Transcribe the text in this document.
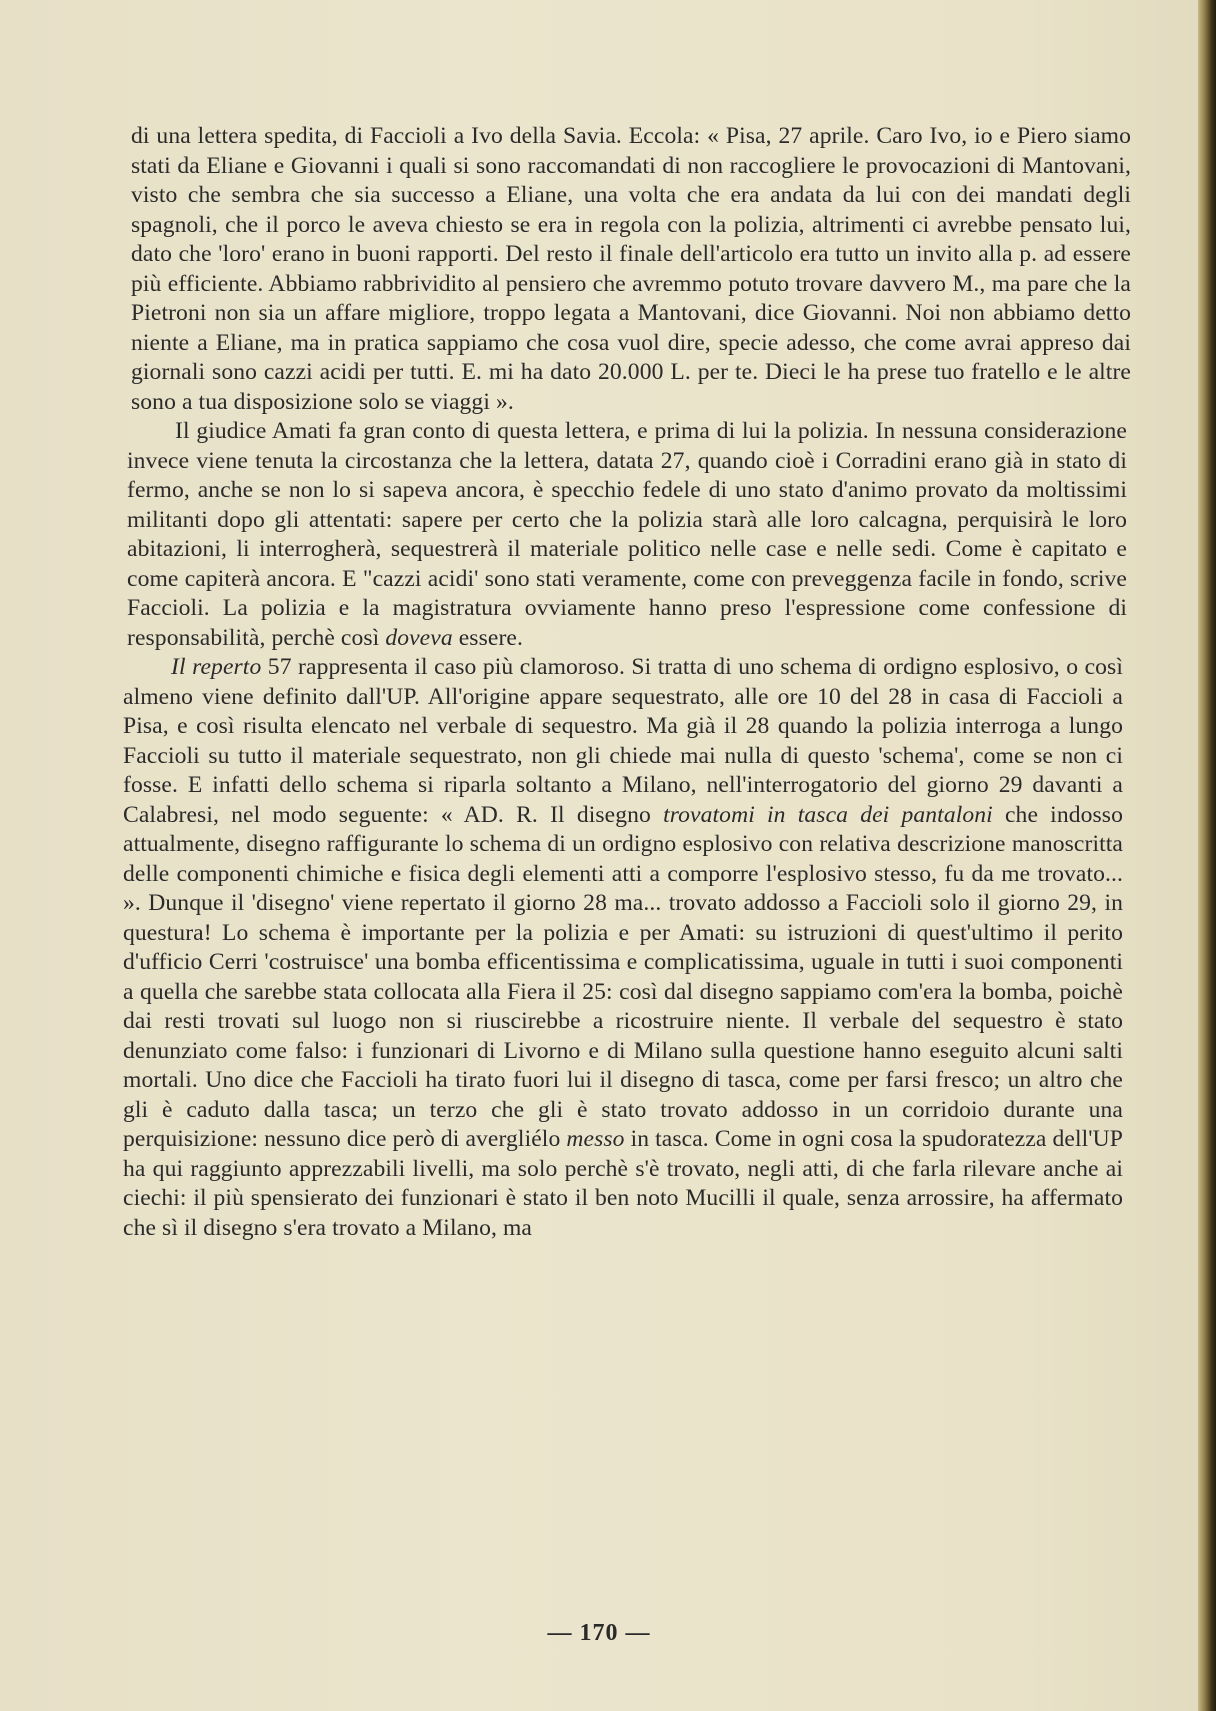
di una lettera spedita, di Faccioli a Ivo della Savia. Eccola: « Pisa, 27 aprile. Caro Ivo, io e Piero siamo stati da Eliane e Giovanni i quali si sono raccomandati di non raccogliere le provocazioni di Mantovani, visto che sembra che sia successo a Eliane, una volta che era andata da lui con dei mandati degli spagnoli, che il porco le aveva chiesto se era in regola con la polizia, altrimenti ci avrebbe pensato lui, dato che 'loro' erano in buoni rapporti. Del resto il finale dell'articolo era tutto un invito alla p. ad essere più efficiente. Abbiamo rabbrividito al pensiero che avremmo potuto trovare davvero M., ma pare che la Pietroni non sia un affare migliore, troppo legata a Mantovani, dice Giovanni. Noi non abbiamo detto niente a Eliane, ma in pratica sappiamo che cosa vuol dire, specie adesso, che come avrai appreso dai giornali sono cazzi acidi per tutti. E. mi ha dato 20.000 L. per te. Dieci le ha prese tuo fratello e le altre sono a tua disposizione solo se viaggi ».

Il giudice Amati fa gran conto di questa lettera, e prima di lui la polizia. In nessuna considerazione invece viene tenuta la circostanza che la lettera, datata 27, quando cioè i Corradini erano già in stato di fermo, anche se non lo si sapeva ancora, è specchio fedele di uno stato d'animo provato da moltissimi militanti dopo gli attentati: sapere per certo che la polizia starà alle loro calcagna, perquisirà le loro abitazioni, li interrogherà, sequestrerà il materiale politico nelle case e nelle sedi. Come è capitato e come capiterà ancora. E "cazzi acidi' sono stati veramente, come con preveggenza facile in fondo, scrive Faccioli. La polizia e la magistratura ovviamente hanno preso l'espressione come confessione di responsabilità, perchè così doveva essere.

Il reperto 57 rappresenta il caso più clamoroso. Si tratta di uno schema di ordigno esplosivo, o così almeno viene definito dall'UP. All'origine appare sequestrato, alle ore 10 del 28 in casa di Faccioli a Pisa, e così risulta elencato nel verbale di sequestro. Ma già il 28 quando la polizia interroga a lungo Faccioli su tutto il materiale sequestrato, non gli chiede mai nulla di questo 'schema', come se non ci fosse. E infatti dello schema si riparla soltanto a Milano, nell'interrogatorio del giorno 29 davanti a Calabresi, nel modo seguente: « AD. R. Il disegno trovatomi in tasca dei pantaloni che indosso attualmente, disegno raffigurante lo schema di un ordigno esplosivo con relativa descrizione manoscritta delle componenti chimiche e fisica degli elementi atti a comporre l'esplosivo stesso, fu da me trovato... ». Dunque il 'disegno' viene repertato il giorno 28 ma... trovato addosso a Faccioli solo il giorno 29, in questura! Lo schema è importante per la polizia e per Amati: su istruzioni di quest'ultimo il perito d'ufficio Cerri 'costruisce' una bomba efficentissima e complicatissima, uguale in tutti i suoi componenti a quella che sarebbe stata collocata alla Fiera il 25: così dal disegno sappiamo com'era la bomba, poichè dai resti trovati sul luogo non si riuscirebbe a ricostruire niente. Il verbale del sequestro è stato denunziato come falso: i funzionari di Livorno e di Milano sulla questione hanno eseguito alcuni salti mortali. Uno dice che Faccioli ha tirato fuori lui il disegno di tasca, come per farsi fresco; un altro che gli è caduto dalla tasca; un terzo che gli è stato trovato addosso in un corridoio durante una perquisizione: nessuno dice però di avergliélo messo in tasca. Come in ogni cosa la spudoratezza dell'UP ha qui raggiunto apprezzabili livelli, ma solo perchè s'è trovato, negli atti, di che farla rilevare anche ai ciechi: il più spensierato dei funzionari è stato il ben noto Mucilli il quale, senza arrossire, ha affermato che sì il disegno s'era trovato a Milano, ma

— 170 —
